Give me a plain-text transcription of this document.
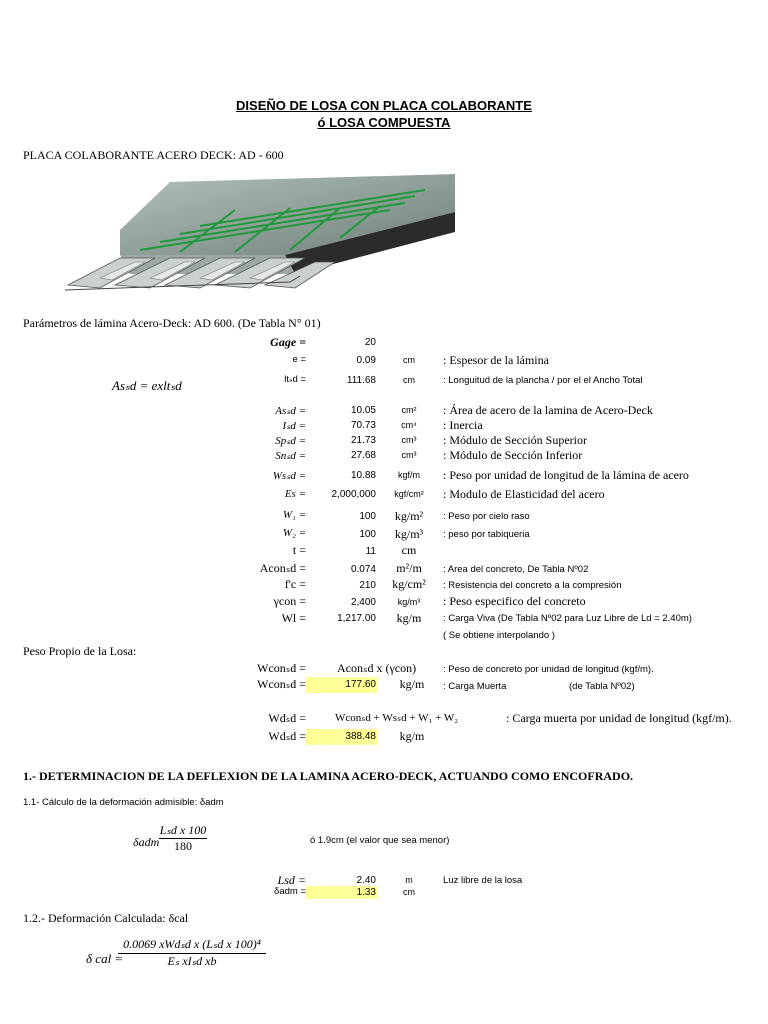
DISEÑO DE LOSA CON PLACA COLABORANTE
ó LOSA COMPUESTA
PLACA COLABORANTE ACERO DECK: AD - 600
Parámetros de lámina Acero-Deck: AD 600. (De Tabla N° 01)
Asₛd = exltₛd
Gage =	20
e =	0.09	cm	: Espesor de la lámina
ltₛd =	111.68	cm	: Longuitud de la plancha / por el el Ancho Total
Asₛd =	10.05	cm²	: Área de acero de la lamina de Acero-Deck
Iₛd =	70.73	cm⁴	: Inercia
Spₛd =	21.73	cm³	: Módulo de Sección Superior
Snₛd =	27.68	cm³	: Módulo de Sección Inferior
Wsₛd =	10.88	kgf/m	: Peso por unidad de longitud de la lámina de acero
Es =	2,000,000	kgf/cm²	: Modulo de Elasticidad del acero
W₁ =	100	kg/m²	: Peso por cielo raso
W₂ =	100	kg/m³	: peso por tabiqueria
t =	11	cm
Aconₛd =	0.074	m²/m	: Area del concreto, De Tabla Nº02
f'c =	210 kg/cm²	: Resistencia del concreto a la compresión
γcon =	2,400	kg/m³	: Peso especifico del concreto
Wl =	1,217.00	kg/m	: Carga Viva (De Tabla Nº02 para Luz Libre de Ld = 2.40m)
( Se obtiene interpolando )
Peso Propio de la Losa:
Wconₛd =	Aconₛd x (γcon)	: Peso de concreto por unidad de longitud (kgf/m).
Wconₛd =	177.60	kg/m	: Carga Muerta	(de Tabla Nº02)
Wdₛd =	Wconₛd + Wsₛd + W₁ + W₂	: Carga muerta por unidad de longitud (kgf/m).
Wdₛd =	388.48	kg/m
1.- DETERMINACION DE LA DEFLEXION DE LA LAMINA ACERO-DECK, ACTUANDO COMO ENCOFRADO.
1.1- Cálculo de la deformación admisible: δadm
δadm
Lₛd x 100
180	ó 1.9cm (el valor que sea menor)
Lsd =	2.40	m	Luz libre de la losa
δadm =	1.33	cm
1.2.- Deformación Calculada: δcal
δ cal =
0.0069 xWdₛd x (Lₛd x 100)⁴
Eₛ xIₛd xb
